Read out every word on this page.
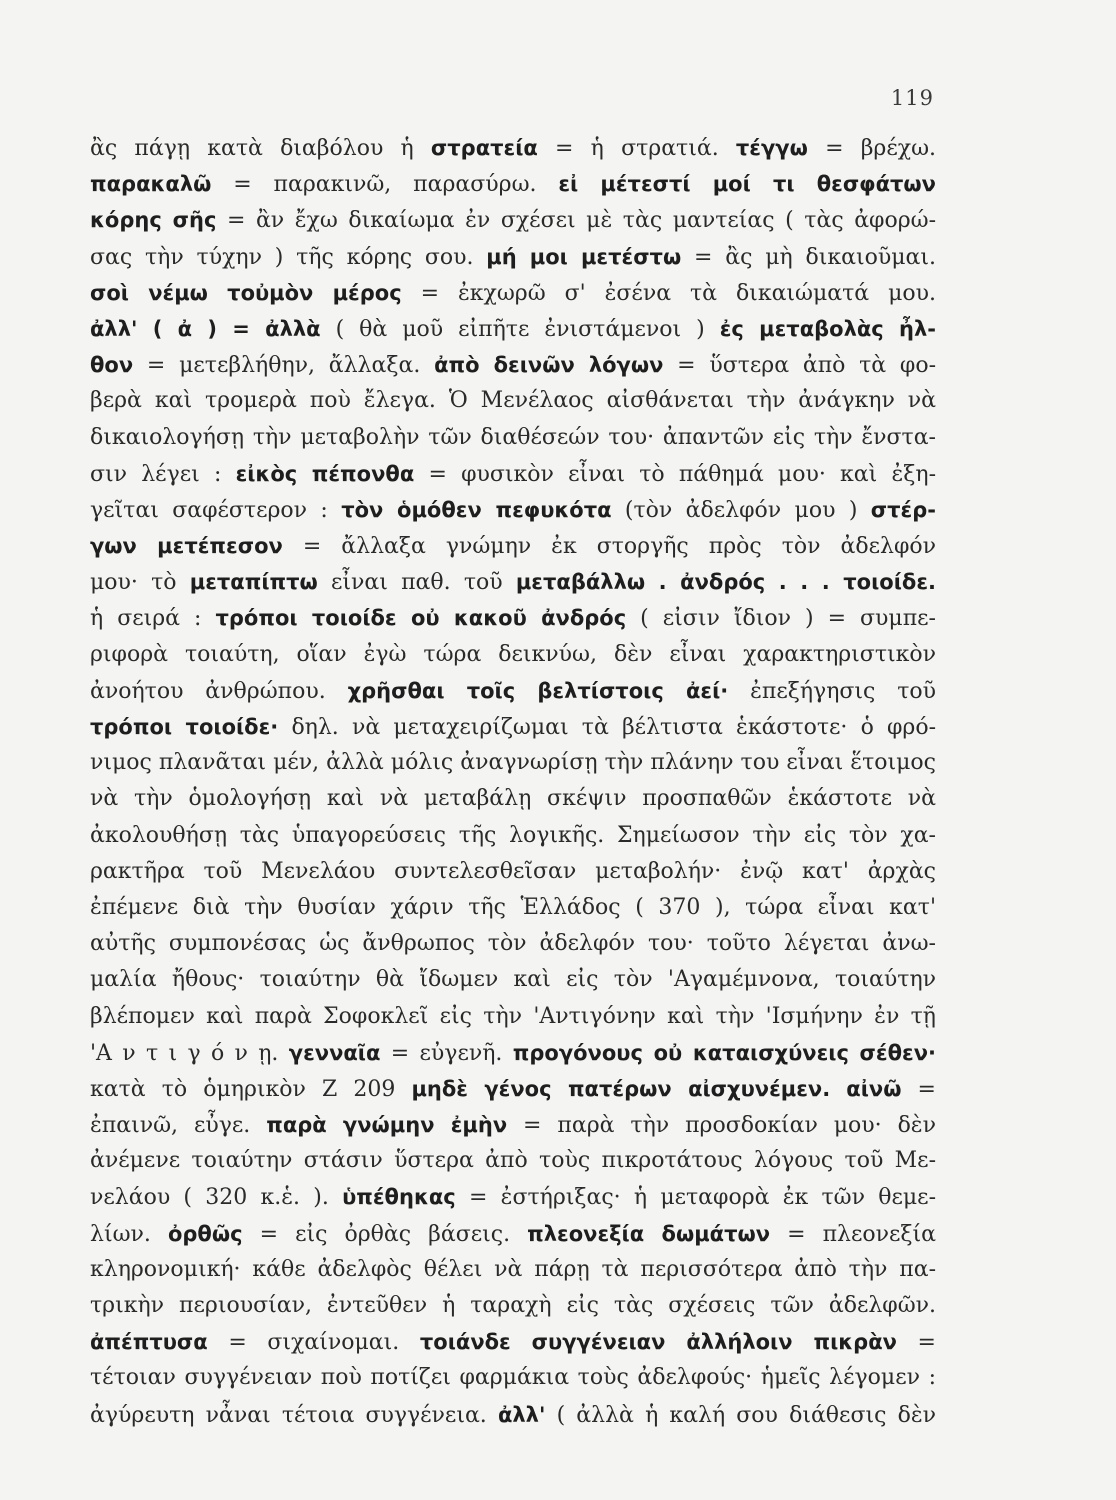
119
ἂς πάγῃ κατὰ διαβόλου ἡ στρατεία = ἡ στρατιά. τέγγω = βρέχω.
παρακαλῶ = παρακινῶ, παρασύρω. εἰ μέτεστί μοί τι θεσφάτων
κόρης σῆς = ἂν ἔχω δικαίωμα ἐν σχέσει μὲ τὰς μαντείας ( τὰς ἀφορώ-
σας τὴν τύχην ) τῆς κόρης σου. μή μοι μετέστω = ἂς μὴ δικαιοῦμαι.
σοὶ νέμω τοὐμὸν μέρος = ἐκχωρῶ σ' ἐσένα τὰ δικαιώματά μου.
ἀλλ' ( ἀ ) = ἀλλὰ ( θὰ μοῦ εἰπῆτε ἐνιστάμενοι ) ἐς μεταβολὰς ἦλ-
θον = μετεβλήθην, ἄλλαξα. ἀπὸ δεινῶν λόγων = ὕστερα ἀπὸ τὰ φο-
βερὰ καὶ τρομερὰ ποὺ ἔλεγα. Ὁ Μενέλαος αἰσθάνεται τὴν ἀνάγκην νὰ
δικαιολογήσῃ τὴν μεταβολὴν τῶν διαθέσεών του· ἀπαντῶν εἰς τὴν ἔνστα-
σιν λέγει : εἰκὸς πέπονθα = φυσικὸν εἶναι τὸ πάθημά μου· καὶ ἐξη-
γεῖται σαφέστερον : τὸν ὁμόθεν πεφυκότα (τὸν ἀδελφόν μου ) στέρ-
γων μετέπεσον = ἄλλαξα γνώμην ἐκ στοργῆς πρὸς τὸν ἀδελφόν
μου· τὸ μεταπίπτω εἶναι παθ. τοῦ μεταβάλλω . ἀνδρός . . . τοιοίδε.
ἡ σειρά : τρόποι τοιοίδε οὐ κακοῦ ἀνδρός ( εἰσιν ἴδιον ) = συμπε-
ριφορὰ τοιαύτη, οἵαν ἐγὼ τώρα δεικνύω, δὲν εἶναι χαρακτηριστικὸν
ἀνοήτου ἀνθρώπου. χρῆσθαι τοῖς βελτίστοις ἀεί· ἐπεξήγησις τοῦ
τρόποι τοιοίδε· δηλ. νὰ μεταχειρίζωμαι τὰ βέλτιστα ἑκάστοτε· ὁ φρό-
νιμος πλανᾶται μέν, ἀλλὰ μόλις ἀναγνωρίσῃ τὴν πλάνην του εἶναι ἕτοιμος
νὰ τὴν ὁμολογήσῃ καὶ νὰ μεταβάλῃ σκέψιν προσπαθῶν ἑκάστοτε νὰ
ἀκολουθήσῃ τὰς ὑπαγορεύσεις τῆς λογικῆς. Σημείωσον τὴν εἰς τὸν χα-
ρακτῆρα τοῦ Μενελάου συντελεσθεῖσαν μεταβολήν· ἐνῷ κατ' ἀρχὰς
ἐπέμενε διὰ τὴν θυσίαν χάριν τῆς Ἑλλάδος ( 370 ), τώρα εἶναι κατ'
αὐτῆς συμπονέσας ὡς ἄνθρωπος τὸν ἀδελφόν του· τοῦτο λέγεται ἀνω-
μαλία ἤθους· τοιαύτην θὰ ἴδωμεν καὶ εἰς τὸν 'Αγαμέμνονα, τοιαύτην
βλέπομεν καὶ παρὰ Σοφοκλεῖ εἰς τὴν 'Αντιγόνην καὶ τὴν 'Ισμήνην ἐν τῇ
'Α ν τ ι γ ό ν ῃ. γενναῖα = εὐγενῆ. προγόνους οὐ καταισχύνεις σέθεν·
κατὰ τὸ ὁμηρικὸν Ζ 209 μηδὲ γένος πατέρων αἰσχυνέμεν. αἰνῶ =
ἐπαινῶ, εὖγε. παρὰ γνώμην ἐμὴν = παρὰ τὴν προσδοκίαν μου· δὲν
ἀνέμενε τοιαύτην στάσιν ὕστερα ἀπὸ τοὺς πικροτάτους λόγους τοῦ Με-
νελάου ( 320 κ.ἑ. ). ὑπέθηκας = ἐστήριξας· ἡ μεταφορὰ ἐκ τῶν θεμε-
λίων. ὀρθῶς = εἰς ὀρθὰς βάσεις. πλεονεξία δωμάτων = πλεονεξία
κληρονομική· κάθε ἀδελφὸς θέλει νὰ πάρῃ τὰ περισσότερα ἀπὸ τὴν πα-
τρικὴν περιουσίαν, ἐντεῦθεν ἡ ταραχὴ εἰς τὰς σχέσεις τῶν ἀδελφῶν.
ἀπέπτυσα = σιχαίνομαι. τοιάνδε συγγένειαν ἀλλήλοιν πικρὰν =
τέτοιαν συγγένειαν ποὺ ποτίζει φαρμάκια τοὺς ἀδελφούς· ἡμεῖς λέγομεν :
ἀγύρευτη νἆναι τέτοια συγγένεια. ἀλλ' ( ἀλλὰ ἡ καλή σου διάθεσις δὲν
